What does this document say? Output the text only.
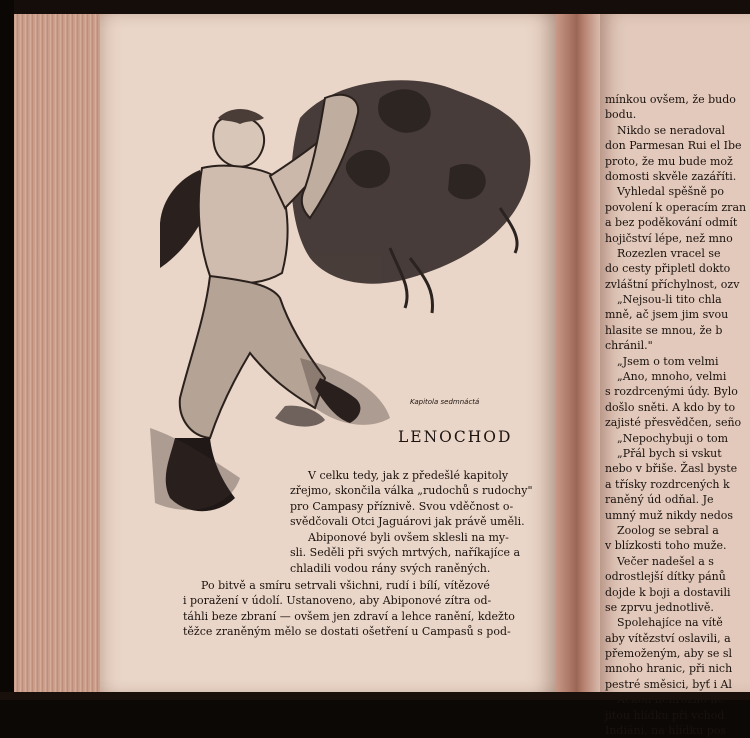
Kapitola sedmnáctá
LENOCHOD
V celku tedy, jak z předešlé kapitoly
zřejmo, skončila válka „rudochů s rudochy"
pro Campasy příznivě. Svou vděčnost o-
svědčovali Otci Jaguárovi jak právě uměli.
Abiponové byli ovšem sklesli na my-
sli. Seděli při svých mrtvých, naříkajíce a
chladili vodou rány svých raněných.
Po bitvě a smíru setrvali všichni, rudí i bílí, vítězové
i poražení v údolí. Ustanoveno, aby Abiponové zítra od-
táhli beze zbraní — ovšem jen zdraví a lehce ranění, kdežto
těžce zraněným mělo se dostati ošetření u Campasů s pod-
mínkou ovšem, že budo
bodu.
Nikdo se neradoval
don Parmesan Rui el Ibe
proto, že mu bude mož
domosti skvěle zazáříti.
Vyhledal spěšně po
povolení k operacím zran
a bez poděkování odmít
hojičství lépe, než mno
Rozezlen vracel se
do cesty připletl dokto
zvláštní příchylnost, ozv
„Nejsou-li tito chla
mně, ač jsem jim svou
hlasite se mnou, že b
chránil."
„Jsem o tom velmi
„Ano, mnoho, velmi
s rozdrcenými údy. Bylo
došlo sněti. A kdo by to
zajisté přesvědčen, seño
„Nepochybuji o tom
„Přál bych si vskut
nebo v břiše. Žasl byste
a třísky rozdrcených k
raněný úd odňal. Je
umný muž nikdy nedos
Zoolog se sebral a
v blízkosti toho muže.
Večer nadešel a s
odrostlejší dítky pánů
dojde k boji a dostavili
se zprvu jednotlivě.
Spolehajíce na vítě
aby vítězství oslavili, a
přemoženým, aby se sl
mnoho hranic, při nich
pestré směsici, byť i Al
jitou hlídku při vchod
Indiáni, na hlídku pos
